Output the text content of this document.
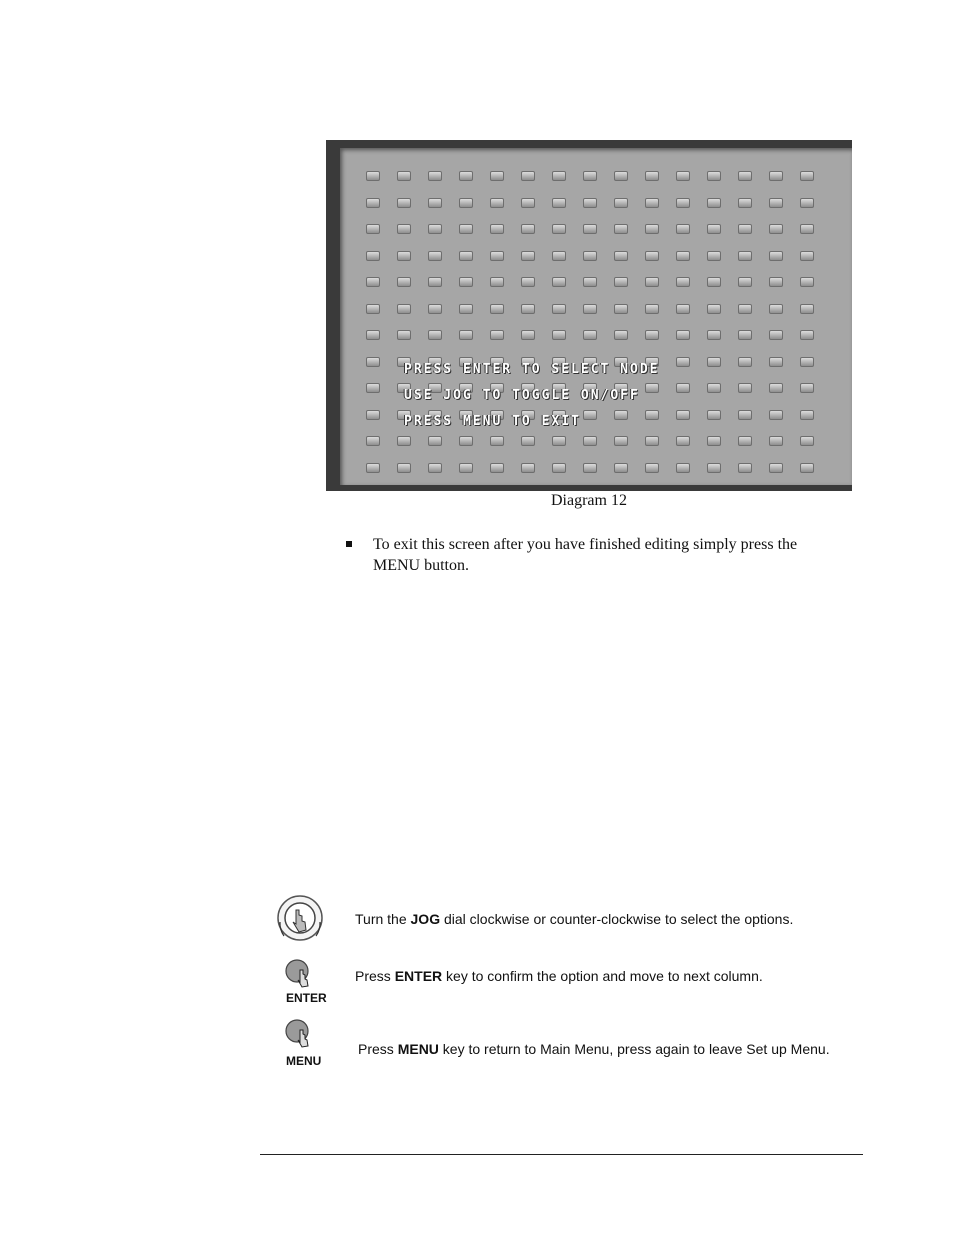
PRESS ENTER TO SELECT NODE
USE JOG TO TOGGLE ON/OFF
PRESS MENU TO EXIT
Diagram 12
To exit this screen after you have finished editing simply press the MENU button.
Turn the JOG dial clockwise or counter-clockwise to select the options.
ENTER
Press ENTER key to confirm the option and move to next column.
MENU
Press MENU key to return to Main Menu, press again to leave Set up Menu.
